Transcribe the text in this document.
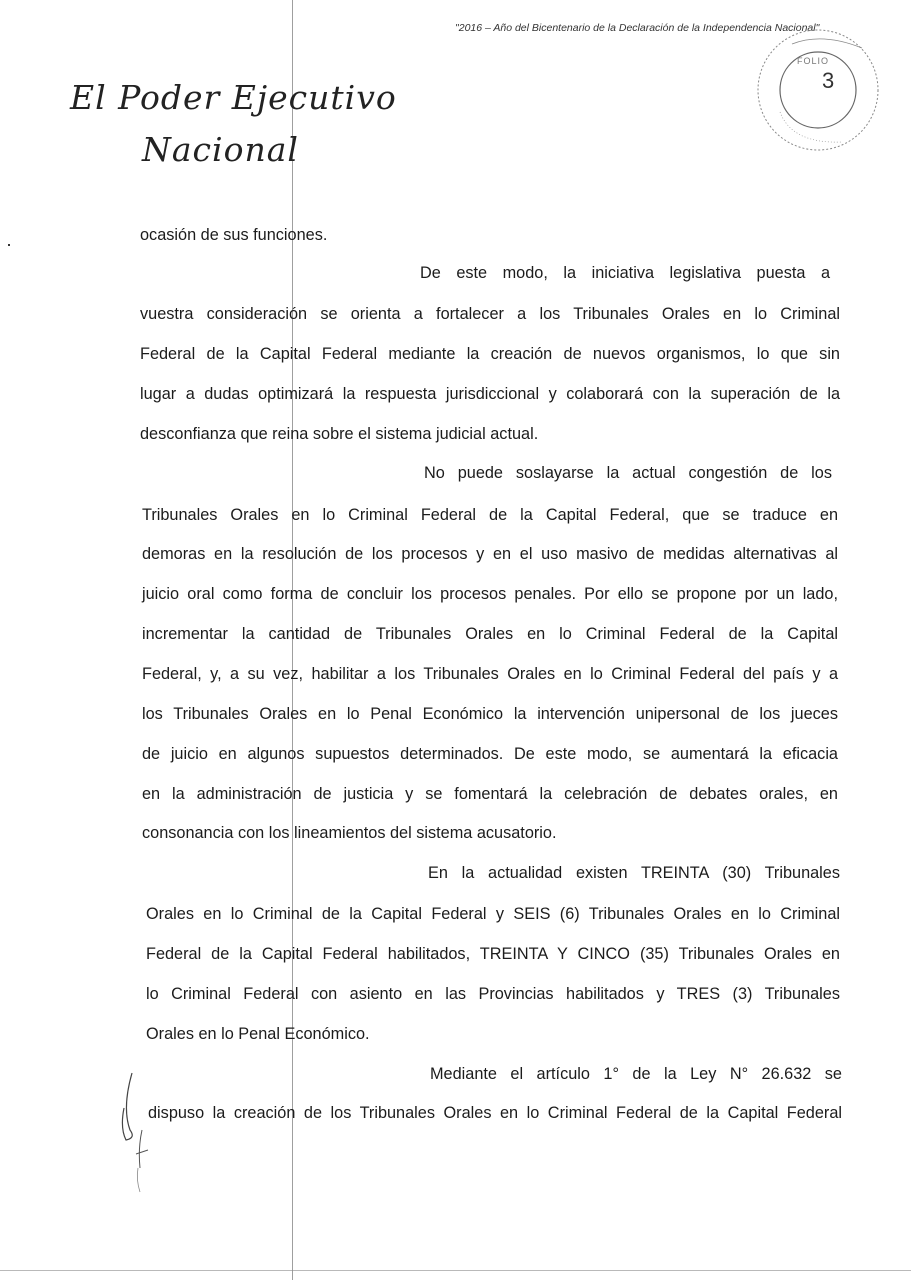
"2016 – Año del Bicentenario de la Declaración de la Independencia Nacional"
El Poder Ejecutivo
Nacional
FOLIO
3
ocasión de sus funciones.
De este modo, la iniciativa legislativa puesta a
vuestra consideración se orienta a fortalecer a los Tribunales Orales en lo Criminal
Federal de la Capital Federal mediante la creación de nuevos organismos, lo que sin
lugar a dudas optimizará la respuesta jurisdiccional y colaborará con la superación de la
desconfianza que reina sobre el sistema judicial actual.
No puede soslayarse la actual congestión de los
Tribunales Orales en lo Criminal Federal de la Capital Federal, que se traduce en
demoras en la resolución de los procesos y en el uso masivo de medidas alternativas al
juicio oral como forma de concluir los procesos penales. Por ello se propone por un lado,
incrementar la cantidad de Tribunales Orales en lo Criminal Federal de la Capital
Federal, y, a su vez, habilitar a los Tribunales Orales en lo Criminal Federal del país y a
los Tribunales Orales en lo Penal Económico la intervención unipersonal de los jueces
de juicio en algunos supuestos determinados. De este modo, se aumentará la eficacia
en la administración de justicia y se fomentará la celebración de debates orales, en
consonancia con los lineamientos del sistema acusatorio.
En la actualidad existen TREINTA (30) Tribunales
Orales en lo Criminal de la Capital Federal y SEIS (6) Tribunales Orales en lo Criminal
Federal de la Capital Federal habilitados, TREINTA Y CINCO (35) Tribunales Orales en
lo Criminal Federal con asiento en las Provincias habilitados y TRES (3) Tribunales
Orales en lo Penal Económico.
Mediante el artículo 1° de la Ley N° 26.632 se
dispuso la creación de los Tribunales Orales en lo Criminal Federal de la Capital Federal
